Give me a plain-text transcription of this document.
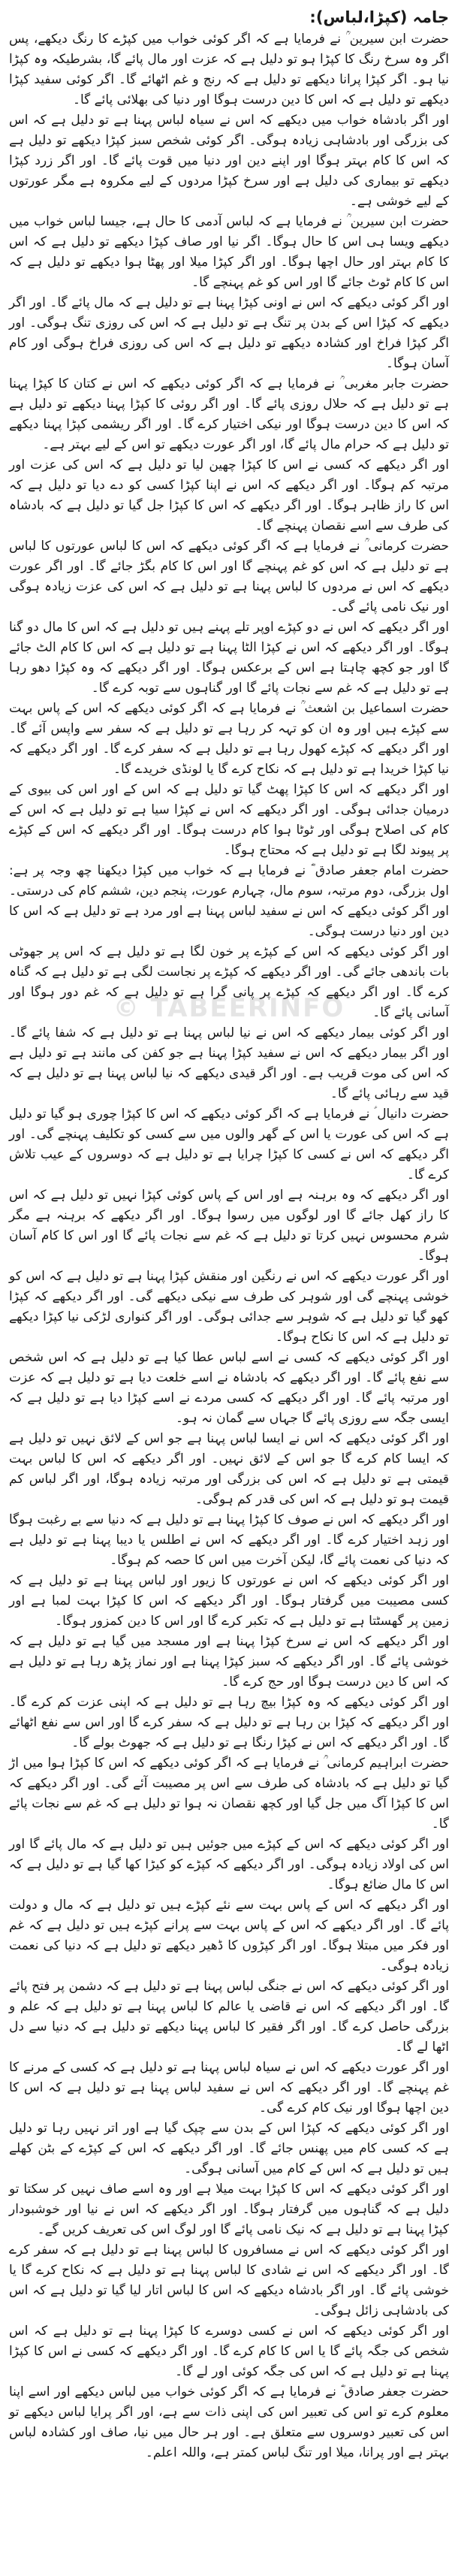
جامہ (کپڑا،لباس):

حضرت ابن سیرین ؒ نے فرمایا ہے کہ اگر کوئی خواب میں کپڑے کا رنگ دیکھے، پس اگر وہ سرخ رنگ کا کپڑا ہو تو دلیل ہے کہ عزت اور مال پائے گا، بشرطیکہ وہ کپڑا نیا ہو۔ اگر کپڑا پرانا دیکھے تو دلیل ہے کہ رنج و غم اٹھائے گا۔ اگر کوئی سفید کپڑا دیکھے تو دلیل ہے کہ اس کا دین درست ہوگا اور دنیا کی بھلائی پائے گا۔

اور اگر بادشاہ خواب میں دیکھے کہ اس نے سیاہ لباس پہنا ہے تو دلیل ہے کہ اس کی بزرگی اور بادشاہی زیادہ ہوگی۔ اگر کوئی شخص سبز کپڑا دیکھے تو دلیل ہے کہ اس کا کام بہتر ہوگا اور اپنے دین اور دنیا میں قوت پائے گا۔ اور اگر زرد کپڑا دیکھے تو بیماری کی دلیل ہے اور سرخ کپڑا مردوں کے لیے مکروہ ہے مگر عورتوں کے لیے خوشی ہے۔

حضرت ابن سیرین ؒ نے فرمایا ہے کہ لباس آدمی کا حال ہے، جیسا لباس خواب میں دیکھے ویسا ہی اس کا حال ہوگا۔ اگر نیا اور صاف کپڑا دیکھے تو دلیل ہے کہ اس کا کام بہتر اور حال اچھا ہوگا۔ اور اگر کپڑا میلا اور پھٹا ہوا دیکھے تو دلیل ہے کہ اس کا کام ٹوٹ جائے گا اور اس کو غم پہنچے گا۔

اور اگر کوئی دیکھے کہ اس نے اونی کپڑا پہنا ہے تو دلیل ہے کہ مال پائے گا۔ اور اگر دیکھے کہ کپڑا اس کے بدن پر تنگ ہے تو دلیل ہے کہ اس کی روزی تنگ ہوگی۔ اور اگر کپڑا فراخ اور کشادہ دیکھے تو دلیل ہے کہ اس کی روزی فراخ ہوگی اور کام آسان ہوگا۔

حضرت جابر مغربی ؒ نے فرمایا ہے کہ اگر کوئی دیکھے کہ اس نے کتان کا کپڑا پہنا ہے تو دلیل ہے کہ حلال روزی پائے گا۔ اور اگر روئی کا کپڑا پہنا دیکھے تو دلیل ہے کہ اس کا دین درست ہوگا اور نیکی اختیار کرے گا۔ اور اگر ریشمی کپڑا پہنا دیکھے تو دلیل ہے کہ حرام مال پائے گا، اور اگر عورت دیکھے تو اس کے لیے بہتر ہے۔

اور اگر دیکھے کہ کسی نے اس کا کپڑا چھین لیا تو دلیل ہے کہ اس کی عزت اور مرتبہ کم ہوگا۔ اور اگر دیکھے کہ اس نے اپنا کپڑا کسی کو دے دیا تو دلیل ہے کہ اس کا راز ظاہر ہوگا۔ اور اگر دیکھے کہ اس کا کپڑا جل گیا تو دلیل ہے کہ بادشاہ کی طرف سے اسے نقصان پہنچے گا۔

حضرت کرمانی ؒ نے فرمایا ہے کہ اگر کوئی دیکھے کہ اس کا لباس عورتوں کا لباس ہے تو دلیل ہے کہ اس کو غم پہنچے گا اور اس کا کام بگڑ جائے گا۔ اور اگر عورت دیکھے کہ اس نے مردوں کا لباس پہنا ہے تو دلیل ہے کہ اس کی عزت زیادہ ہوگی اور نیک نامی پائے گی۔

اور اگر دیکھے کہ اس نے دو کپڑے اوپر تلے پہنے ہیں تو دلیل ہے کہ اس کا مال دو گنا ہوگا۔ اور اگر دیکھے کہ اس نے کپڑا الٹا پہنا ہے تو دلیل ہے کہ اس کا کام الٹ جائے گا اور جو کچھ چاہتا ہے اس کے برعکس ہوگا۔ اور اگر دیکھے کہ وہ کپڑا دھو رہا ہے تو دلیل ہے کہ غم سے نجات پائے گا اور گناہوں سے توبہ کرے گا۔

حضرت اسماعیل بن اشعث ؒ نے فرمایا ہے کہ اگر کوئی دیکھے کہ اس کے پاس بہت سے کپڑے ہیں اور وہ ان کو تہہ کر رہا ہے تو دلیل ہے کہ سفر سے واپس آئے گا۔ اور اگر دیکھے کہ کپڑے کھول رہا ہے تو دلیل ہے کہ سفر کرے گا۔ اور اگر دیکھے کہ نیا کپڑا خریدا ہے تو دلیل ہے کہ نکاح کرے گا یا لونڈی خریدے گا۔

اور اگر دیکھے کہ اس کا کپڑا پھٹ گیا تو دلیل ہے کہ اس کے اور اس کی بیوی کے درمیان جدائی ہوگی۔ اور اگر دیکھے کہ اس نے کپڑا سیا ہے تو دلیل ہے کہ اس کے کام کی اصلاح ہوگی اور ٹوٹا ہوا کام درست ہوگا۔ اور اگر دیکھے کہ اس کے کپڑے پر پیوند لگا ہے تو دلیل ہے کہ محتاج ہوگا۔

حضرت امام جعفر صادق ؓ نے فرمایا ہے کہ خواب میں کپڑا دیکھنا چھ وجہ پر ہے: اول بزرگی، دوم مرتبہ، سوم مال، چہارم عورت، پنجم دین، ششم کام کی درستی۔ اور اگر کوئی دیکھے کہ اس نے سفید لباس پہنا ہے اور مرد ہے تو دلیل ہے کہ اس کا دین اور دنیا درست ہوگی۔

اور اگر کوئی دیکھے کہ اس کے کپڑے پر خون لگا ہے تو دلیل ہے کہ اس پر جھوٹی بات باندھی جائے گی۔ اور اگر دیکھے کہ کپڑے پر نجاست لگی ہے تو دلیل ہے کہ گناہ کرے گا۔ اور اگر دیکھے کہ کپڑے پر پانی گرا ہے تو دلیل ہے کہ غم دور ہوگا اور آسانی پائے گا۔

اور اگر کوئی بیمار دیکھے کہ اس نے نیا لباس پہنا ہے تو دلیل ہے کہ شفا پائے گا۔ اور اگر بیمار دیکھے کہ اس نے سفید کپڑا پہنا ہے جو کفن کی مانند ہے تو دلیل ہے کہ اس کی موت قریب ہے۔ اور اگر قیدی دیکھے کہ نیا لباس پہنا ہے تو دلیل ہے کہ قید سے رہائی پائے گا۔

حضرت دانیال ؑ نے فرمایا ہے کہ اگر کوئی دیکھے کہ اس کا کپڑا چوری ہو گیا تو دلیل ہے کہ اس کی عورت یا اس کے گھر والوں میں سے کسی کو تکلیف پہنچے گی۔ اور اگر دیکھے کہ اس نے کسی کا کپڑا چرایا ہے تو دلیل ہے کہ دوسروں کے عیب تلاش کرے گا۔

اور اگر دیکھے کہ وہ برہنہ ہے اور اس کے پاس کوئی کپڑا نہیں تو دلیل ہے کہ اس کا راز کھل جائے گا اور لوگوں میں رسوا ہوگا۔ اور اگر دیکھے کہ برہنہ ہے مگر شرم محسوس نہیں کرتا تو دلیل ہے کہ غم سے نجات پائے گا اور اس کا کام آسان ہوگا۔

اور اگر عورت دیکھے کہ اس نے رنگین اور منقش کپڑا پہنا ہے تو دلیل ہے کہ اس کو خوشی پہنچے گی اور شوہر کی طرف سے نیکی دیکھے گی۔ اور اگر دیکھے کہ کپڑا کھو گیا تو دلیل ہے کہ شوہر سے جدائی ہوگی۔ اور اگر کنواری لڑکی نیا کپڑا دیکھے تو دلیل ہے کہ اس کا نکاح ہوگا۔

اور اگر کوئی دیکھے کہ کسی نے اسے لباس عطا کیا ہے تو دلیل ہے کہ اس شخص سے نفع پائے گا۔ اور اگر دیکھے کہ بادشاہ نے اسے خلعت دیا ہے تو دلیل ہے کہ عزت اور مرتبہ پائے گا۔ اور اگر دیکھے کہ کسی مردے نے اسے کپڑا دیا ہے تو دلیل ہے کہ ایسی جگہ سے روزی پائے گا جہاں سے گمان نہ ہو۔

اور اگر کوئی دیکھے کہ اس نے ایسا لباس پہنا ہے جو اس کے لائق نہیں تو دلیل ہے کہ ایسا کام کرے گا جو اس کے لائق نہیں۔ اور اگر دیکھے کہ اس کا لباس بہت قیمتی ہے تو دلیل ہے کہ اس کی بزرگی اور مرتبہ زیادہ ہوگا، اور اگر لباس کم قیمت ہو تو دلیل ہے کہ اس کی قدر کم ہوگی۔

اور اگر دیکھے کہ اس نے صوف کا کپڑا پہنا ہے تو دلیل ہے کہ دنیا سے بے رغبت ہوگا اور زہد اختیار کرے گا۔ اور اگر دیکھے کہ اس نے اطلس یا دیبا پہنا ہے تو دلیل ہے کہ دنیا کی نعمت پائے گا، لیکن آخرت میں اس کا حصہ کم ہوگا۔

اور اگر کوئی دیکھے کہ اس نے عورتوں کا زیور اور لباس پہنا ہے تو دلیل ہے کہ کسی مصیبت میں گرفتار ہوگا۔ اور اگر دیکھے کہ اس کا کپڑا بہت لمبا ہے اور زمین پر گھسٹتا ہے تو دلیل ہے کہ تکبر کرے گا اور اس کا دین کمزور ہوگا۔

اور اگر دیکھے کہ اس نے سرخ کپڑا پہنا ہے اور مسجد میں گیا ہے تو دلیل ہے کہ خوشی پائے گا۔ اور اگر دیکھے کہ سبز کپڑا پہنا ہے اور نماز پڑھ رہا ہے تو دلیل ہے کہ اس کا دین درست ہوگا اور حج کرے گا۔

اور اگر کوئی دیکھے کہ وہ کپڑا بیچ رہا ہے تو دلیل ہے کہ اپنی عزت کم کرے گا۔ اور اگر دیکھے کہ کپڑا بن رہا ہے تو دلیل ہے کہ سفر کرے گا اور اس سے نفع اٹھائے گا۔ اور اگر دیکھے کہ اس نے کپڑا رنگا ہے تو دلیل ہے کہ جھوٹ بولے گا۔

حضرت ابراہیم کرمانی ؒ نے فرمایا ہے کہ اگر کوئی دیکھے کہ اس کا کپڑا ہوا میں اڑ گیا تو دلیل ہے کہ بادشاہ کی طرف سے اس پر مصیبت آئے گی۔ اور اگر دیکھے کہ اس کا کپڑا آگ میں جل گیا اور کچھ نقصان نہ ہوا تو دلیل ہے کہ غم سے نجات پائے گا۔

اور اگر کوئی دیکھے کہ اس کے کپڑے میں جوئیں ہیں تو دلیل ہے کہ مال پائے گا اور اس کی اولاد زیادہ ہوگی۔ اور اگر دیکھے کہ کپڑے کو کیڑا کھا گیا ہے تو دلیل ہے کہ اس کا مال ضائع ہوگا۔

اور اگر دیکھے کہ اس کے پاس بہت سے نئے کپڑے ہیں تو دلیل ہے کہ مال و دولت پائے گا۔ اور اگر دیکھے کہ اس کے پاس بہت سے پرانے کپڑے ہیں تو دلیل ہے کہ غم اور فکر میں مبتلا ہوگا۔ اور اگر کپڑوں کا ڈھیر دیکھے تو دلیل ہے کہ دنیا کی نعمت زیادہ ہوگی۔

اور اگر کوئی دیکھے کہ اس نے جنگی لباس پہنا ہے تو دلیل ہے کہ دشمن پر فتح پائے گا۔ اور اگر دیکھے کہ اس نے قاضی یا عالم کا لباس پہنا ہے تو دلیل ہے کہ علم و بزرگی حاصل کرے گا۔ اور اگر فقیر کا لباس پہنا دیکھے تو دلیل ہے کہ دنیا سے دل اٹھا لے گا۔

اور اگر عورت دیکھے کہ اس نے سیاہ لباس پہنا ہے تو دلیل ہے کہ کسی کے مرنے کا غم پہنچے گا۔ اور اگر دیکھے کہ اس نے سفید لباس پہنا ہے تو دلیل ہے کہ اس کا دین اچھا ہوگا اور نیک کام کرے گی۔

اور اگر کوئی دیکھے کہ کپڑا اس کے بدن سے چپک گیا ہے اور اتر نہیں رہا تو دلیل ہے کہ کسی کام میں پھنس جائے گا۔ اور اگر دیکھے کہ اس کے کپڑے کے بٹن کھلے ہیں تو دلیل ہے کہ اس کے کام میں آسانی ہوگی۔

اور اگر کوئی دیکھے کہ اس کا کپڑا بہت میلا ہے اور وہ اسے صاف نہیں کر سکتا تو دلیل ہے کہ گناہوں میں گرفتار ہوگا۔ اور اگر دیکھے کہ اس نے نیا اور خوشبودار کپڑا پہنا ہے تو دلیل ہے کہ نیک نامی پائے گا اور لوگ اس کی تعریف کریں گے۔

اور اگر کوئی دیکھے کہ اس نے مسافروں کا لباس پہنا ہے تو دلیل ہے کہ سفر کرے گا۔ اور اگر دیکھے کہ اس نے شادی کا لباس پہنا ہے تو دلیل ہے کہ نکاح کرے گا یا خوشی پائے گا۔ اور اگر بادشاہ دیکھے کہ اس کا لباس اتار لیا گیا تو دلیل ہے کہ اس کی بادشاہی زائل ہوگی۔

اور اگر کوئی دیکھے کہ اس نے کسی دوسرے کا کپڑا پہنا ہے تو دلیل ہے کہ اس شخص کی جگہ پائے گا یا اس کا کام کرے گا۔ اور اگر دیکھے کہ کسی نے اس کا کپڑا پہنا ہے تو دلیل ہے کہ اس کی جگہ کوئی اور لے گا۔

حضرت جعفر صادق ؓ نے فرمایا ہے کہ اگر کوئی خواب میں لباس دیکھے اور اسے اپنا معلوم کرے تو اس کی تعبیر اس کی اپنی ذات سے ہے، اور اگر پرایا لباس دیکھے تو اس کی تعبیر دوسروں سے متعلق ہے۔ اور ہر حال میں نیا، صاف اور کشادہ لباس بہتر ہے اور پرانا، میلا اور تنگ لباس کمتر ہے، واللہ اعلم۔

© TABEERINFO
